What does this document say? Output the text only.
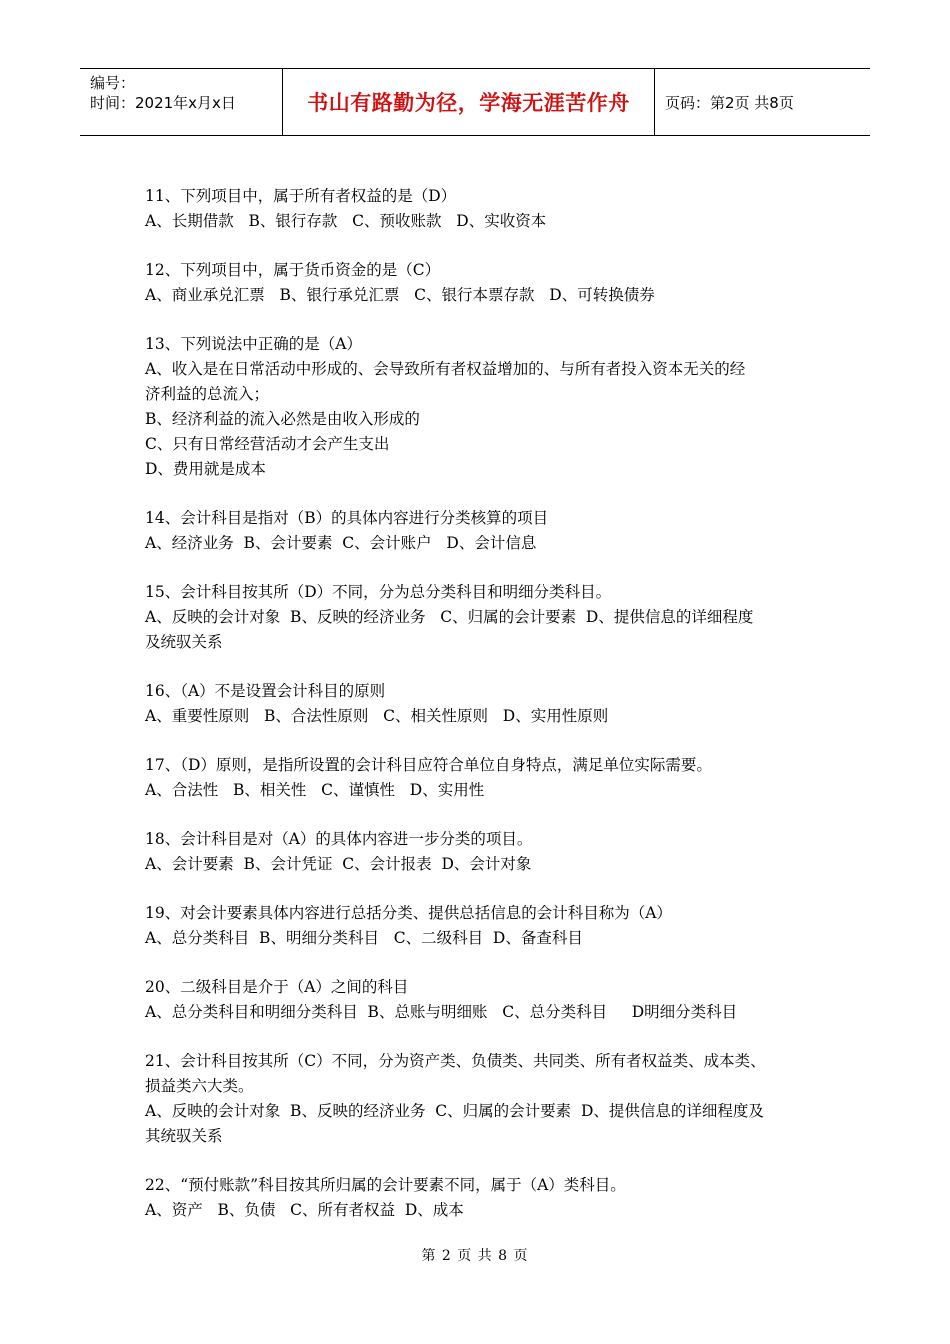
编号：
时间：2021年x月x日	书山有路勤为径，学海无涯苦作舟	页码：第2页 共8页
11、下列项目中，属于所有者权益的是（D）
A、长期借款   B、银行存款   C、预收账款   D、实收资本
12、下列项目中，属于货币资金的是（C）
A、商业承兑汇票   B、银行承兑汇票   C、银行本票存款   D、可转换债券
13、下列说法中正确的是（A）
A、收入是在日常活动中形成的、会导致所有者权益增加的、与所有者投入资本无关的经
济利益的总流入；
B、经济利益的流入必然是由收入形成的
C、只有日常经营活动才会产生支出
D、费用就是成本
14、会计科目是指对（B）的具体内容进行分类核算的项目
A、经济业务  B、会计要素  C、会计账户   D、会计信息
15、会计科目按其所（D）不同，分为总分类科目和明细分类科目。
A、反映的会计对象  B、反映的经济业务   C、归属的会计要素  D、提供信息的详细程度
及统驭关系
16、（A）不是设置会计科目的原则
A、重要性原则   B、合法性原则   C、相关性原则   D、实用性原则
17、（D）原则，是指所设置的会计科目应符合单位自身特点，满足单位实际需要。
A、合法性   B、相关性   C、谨慎性   D、实用性
18、会计科目是对（A）的具体内容进一步分类的项目。
A、会计要素  B、会计凭证  C、会计报表  D、会计对象
19、对会计要素具体内容进行总括分类、提供总括信息的会计科目称为（A）
A、总分类科目  B、明细分类科目   C、二级科目  D、备查科目
20、二级科目是介于（A）之间的科目
A、总分类科目和明细分类科目  B、总账与明细账   C、总分类科目     D明细分类科目
21、会计科目按其所（C）不同，分为资产类、负债类、共同类、所有者权益类、成本类、
损益类六大类。
A、反映的会计对象  B、反映的经济业务  C、归属的会计要素  D、提供信息的详细程度及
其统驭关系
22、“预付账款”科目按其所归属的会计要素不同，属于（A）类科目。
A、资产   B、负债   C、所有者权益  D、成本
第 2 页 共 8 页
